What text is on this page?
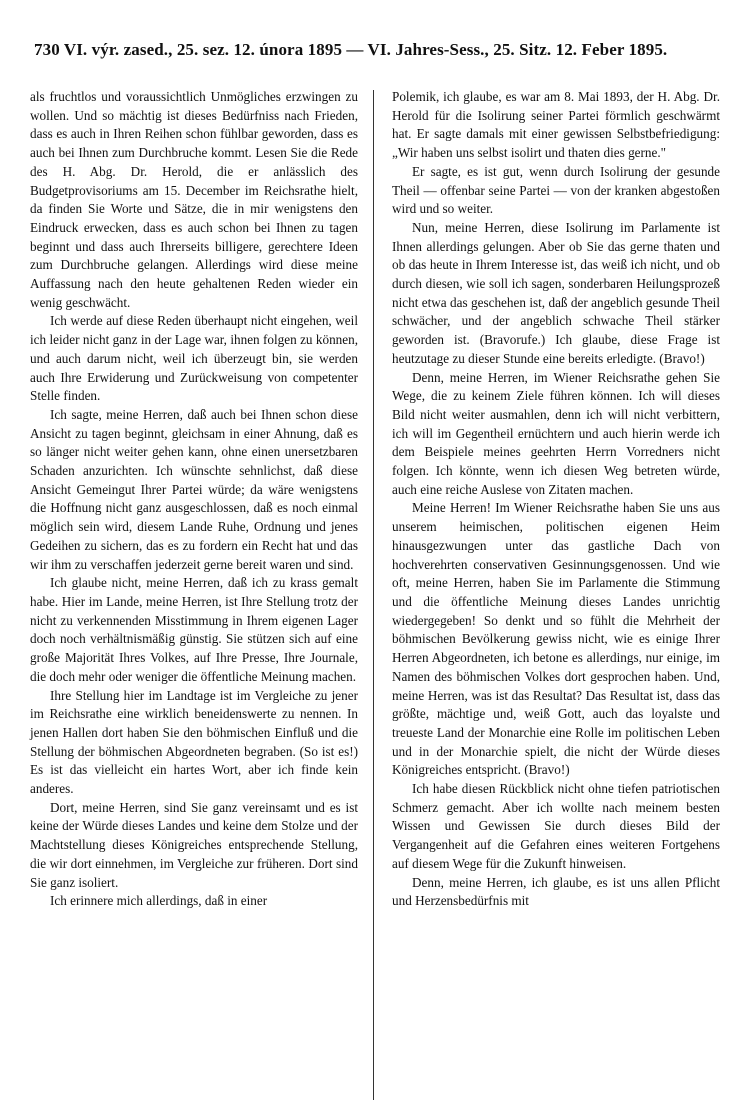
730 VI. výr. zased., 25. sez. 12. února 1895 — VI. Jahres-Sess., 25. Sitz. 12. Feber 1895.

als fruchtlos und voraussichtlich Unmögliches erzwingen zu wollen. Und so mächtig ist dieses Bedürfniss nach Frieden, dass es auch in Ihren Reihen schon fühlbar geworden, dass es auch bei Ihnen zum Durchbruche kommt. Lesen Sie die Rede des H. Abg. Dr. Herold, die er anlässlich des Budgetprovisoriums am 15. December im Reichsrathe hielt, da finden Sie Worte und Sätze, die in mir wenigstens den Eindruck erwecken, dass es auch schon bei Ihnen zu tagen beginnt und dass auch Ihrerseits billigere, gerechtere Ideen zum Durchbruche gelangen. Allerdings wird diese meine Auffassung nach den heute gehaltenen Reden wieder ein wenig geschwächt.

Ich werde auf diese Reden überhaupt nicht eingehen, weil ich leider nicht ganz in der Lage war, ihnen folgen zu können, und auch darum nicht, weil ich überzeugt bin, sie werden auch Ihre Erwiderung und Zurückweisung von competenter Stelle finden.

Ich sagte, meine Herren, daß auch bei Ihnen schon diese Ansicht zu tagen beginnt, gleichsam in einer Ahnung, daß es so länger nicht weiter gehen kann, ohne einen unersetzbaren Schaden anzurichten. Ich wünschte sehnlichst, daß diese Ansicht Gemeingut Ihrer Partei würde; da wäre wenigstens die Hoffnung nicht ganz ausgeschlossen, daß es noch einmal möglich sein wird, diesem Lande Ruhe, Ordnung und jenes Gedeihen zu sichern, das es zu fordern ein Recht hat und das wir ihm zu verschaffen jederzeit gerne bereit waren und sind.

Ich glaube nicht, meine Herren, daß ich zu krass gemalt habe. Hier im Lande, meine Herren, ist Ihre Stellung trotz der nicht zu verkennenden Misstimmung in Ihrem eigenen Lager doch noch verhältnismäßig günstig. Sie stützen sich auf eine große Majorität Ihres Volkes, auf Ihre Presse, Ihre Journale, die doch mehr oder weniger die öffentliche Meinung machen.

Ihre Stellung hier im Landtage ist im Vergleiche zu jener im Reichsrathe eine wirklich beneidenswerte zu nennen. In jenen Hallen dort haben Sie den böhmischen Einfluß und die Stellung der böhmischen Abgeordneten begraben. (So ist es!) Es ist das vielleicht ein hartes Wort, aber ich finde kein anderes.

Dort, meine Herren, sind Sie ganz vereinsamt und es ist keine der Würde dieses Landes und keine dem Stolze und der Machtstellung dieses Königreiches entsprechende Stellung, die wir dort einnehmen, im Vergleiche zur früheren. Dort sind Sie ganz isoliert.

Ich erinnere mich allerdings, daß in einer

Polemik, ich glaube, es war am 8. Mai 1893, der H. Abg. Dr. Herold für die Isolirung seiner Partei förmlich geschwärmt hat. Er sagte damals mit einer gewissen Selbstbefriedigung: „Wir haben uns selbst isolirt und thaten dies gerne."

Er sagte, es ist gut, wenn durch Isolirung der gesunde Theil — offenbar seine Partei — von der kranken abgestoßen wird und so weiter.

Nun, meine Herren, diese Isolirung im Parlamente ist Ihnen allerdings gelungen. Aber ob Sie das gerne thaten und ob das heute in Ihrem Interesse ist, das weiß ich nicht, und ob durch diesen, wie soll ich sagen, sonderbaren Heilungsprozeß nicht etwa das geschehen ist, daß der angeblich gesunde Theil schwächer, und der angeblich schwache Theil stärker geworden ist. (Bravorufe.) Ich glaube, diese Frage ist heutzutage zu dieser Stunde eine bereits erledigte. (Bravo!)

Denn, meine Herren, im Wiener Reichsrathe gehen Sie Wege, die zu keinem Ziele führen können. Ich will dieses Bild nicht weiter ausmahlen, denn ich will nicht verbittern, ich will im Gegentheil ernüchtern und auch hierin werde ich dem Beispiele meines geehrten Herrn Vorredners nicht folgen. Ich könnte, wenn ich diesen Weg betreten würde, auch eine reiche Auslese von Zitaten machen.

Meine Herren! Im Wiener Reichsrathe haben Sie uns aus unserem heimischen, politischen eigenen Heim hinausgezwungen unter das gastliche Dach von hochverehrten conservativen Gesinnungsgenossen. Und wie oft, meine Herren, haben Sie im Parlamente die Stimmung und die öffentliche Meinung dieses Landes unrichtig wiedergegeben! So denkt und so fühlt die Mehrheit der böhmischen Bevölkerung gewiss nicht, wie es einige Ihrer Herren Abgeordneten, ich betone es allerdings, nur einige, im Namen des böhmischen Volkes dort gesprochen haben. Und, meine Herren, was ist das Resultat? Das Resultat ist, dass das größte, mächtige und, weiß Gott, auch das loyalste und treueste Land der Monarchie eine Rolle im politischen Leben und in der Monarchie spielt, die nicht der Würde dieses Königreiches entspricht. (Bravo!)

Ich habe diesen Rückblick nicht ohne tiefen patriotischen Schmerz gemacht. Aber ich wollte nach meinem besten Wissen und Gewissen Sie durch dieses Bild der Vergangenheit auf die Gefahren eines weiteren Fortgehens auf diesem Wege für die Zukunft hinweisen.

Denn, meine Herren, ich glaube, es ist uns allen Pflicht und Herzensbedürfnis mit
